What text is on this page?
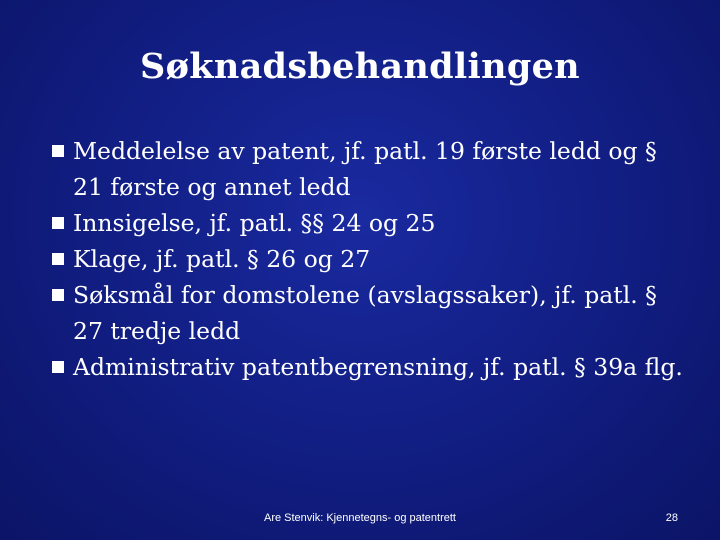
Søknadsbehandlingen
Meddelelse av patent, jf. patl. 19 første ledd og § 21 første og annet ledd
Innsigelse, jf. patl. §§ 24 og 25
Klage, jf. patl. § 26 og 27
Søksmål for domstolene (avslagssaker), jf. patl. § 27 tredje ledd
Administrativ patentbegrensning, jf. patl. § 39a flg.
Are Stenvik: Kjennetegns- og patentrett	28
